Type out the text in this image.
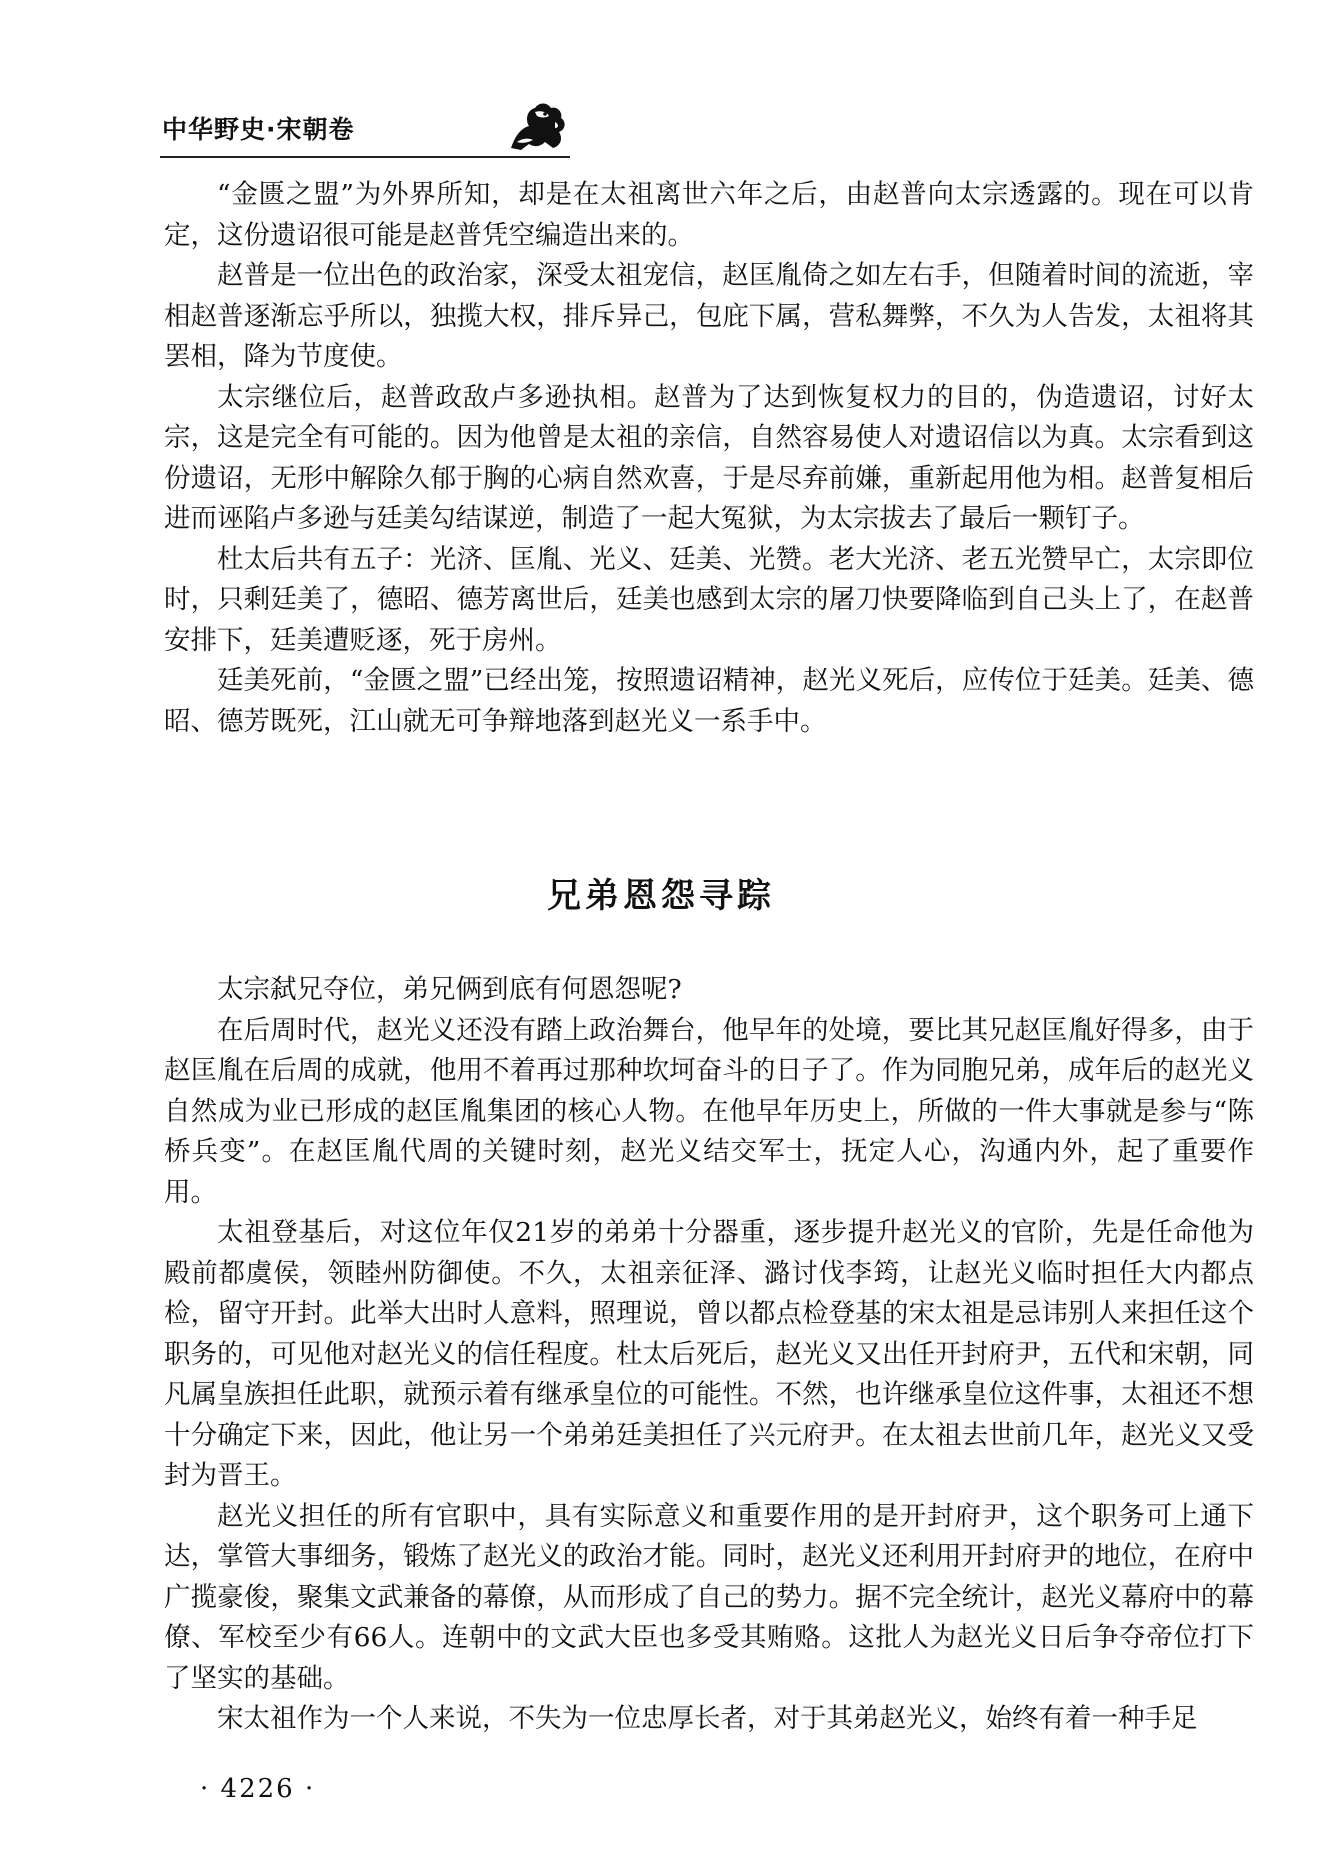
中华野史·宋朝卷

“金匮之盟”为外界所知，却是在太祖离世六年之后，由赵普向太宗透露的。现在可以肯定，这份遗诏很可能是赵普凭空编造出来的。

赵普是一位出色的政治家，深受太祖宠信，赵匡胤倚之如左右手，但随着时间的流逝，宰相赵普逐渐忘乎所以，独揽大权，排斥异己，包庇下属，营私舞弊，不久为人告发，太祖将其罢相，降为节度使。

太宗继位后，赵普政敌卢多逊执相。赵普为了达到恢复权力的目的，伪造遗诏，讨好太宗，这是完全有可能的。因为他曾是太祖的亲信，自然容易使人对遗诏信以为真。太宗看到这份遗诏，无形中解除久郁于胸的心病自然欢喜，于是尽弃前嫌，重新起用他为相。赵普复相后进而诬陷卢多逊与廷美勾结谋逆，制造了一起大冤狱，为太宗拔去了最后一颗钉子。

杜太后共有五子：光济、匡胤、光义、廷美、光赞。老大光济、老五光赞早亡，太宗即位时，只剩廷美了，德昭、德芳离世后，廷美也感到太宗的屠刀快要降临到自己头上了，在赵普安排下，廷美遭贬逐，死于房州。

廷美死前，“金匮之盟”已经出笼，按照遗诏精神，赵光义死后，应传位于廷美。廷美、德昭、德芳既死，江山就无可争辩地落到赵光义一系手中。

兄弟恩怨寻踪

太宗弑兄夺位，弟兄俩到底有何恩怨呢?

在后周时代，赵光义还没有踏上政治舞台，他早年的处境，要比其兄赵匡胤好得多，由于赵匡胤在后周的成就，他用不着再过那种坎坷奋斗的日子了。作为同胞兄弟，成年后的赵光义自然成为业已形成的赵匡胤集团的核心人物。在他早年历史上，所做的一件大事就是参与“陈桥兵变”。在赵匡胤代周的关键时刻，赵光义结交军士，抚定人心，沟通内外，起了重要作用。

太祖登基后，对这位年仅21岁的弟弟十分器重，逐步提升赵光义的官阶，先是任命他为殿前都虞侯，领睦州防御使。不久，太祖亲征泽、潞讨伐李筠，让赵光义临时担任大内都点检，留守开封。此举大出时人意料，照理说，曾以都点检登基的宋太祖是忌讳别人来担任这个职务的，可见他对赵光义的信任程度。杜太后死后，赵光义又出任开封府尹，五代和宋朝，同凡属皇族担任此职，就预示着有继承皇位的可能性。不然，也许继承皇位这件事，太祖还不想十分确定下来，因此，他让另一个弟弟廷美担任了兴元府尹。在太祖去世前几年，赵光义又受封为晋王。

赵光义担任的所有官职中，具有实际意义和重要作用的是开封府尹，这个职务可上通下达，掌管大事细务，锻炼了赵光义的政治才能。同时，赵光义还利用开封府尹的地位，在府中广揽豪俊，聚集文武兼备的幕僚，从而形成了自己的势力。据不完全统计，赵光义幕府中的幕僚、军校至少有66人。连朝中的文武大臣也多受其贿赂。这批人为赵光义日后争夺帝位打下了坚实的基础。

宋太祖作为一个人来说，不失为一位忠厚长者，对于其弟赵光义，始终有着一种手足

· 4226 ·
